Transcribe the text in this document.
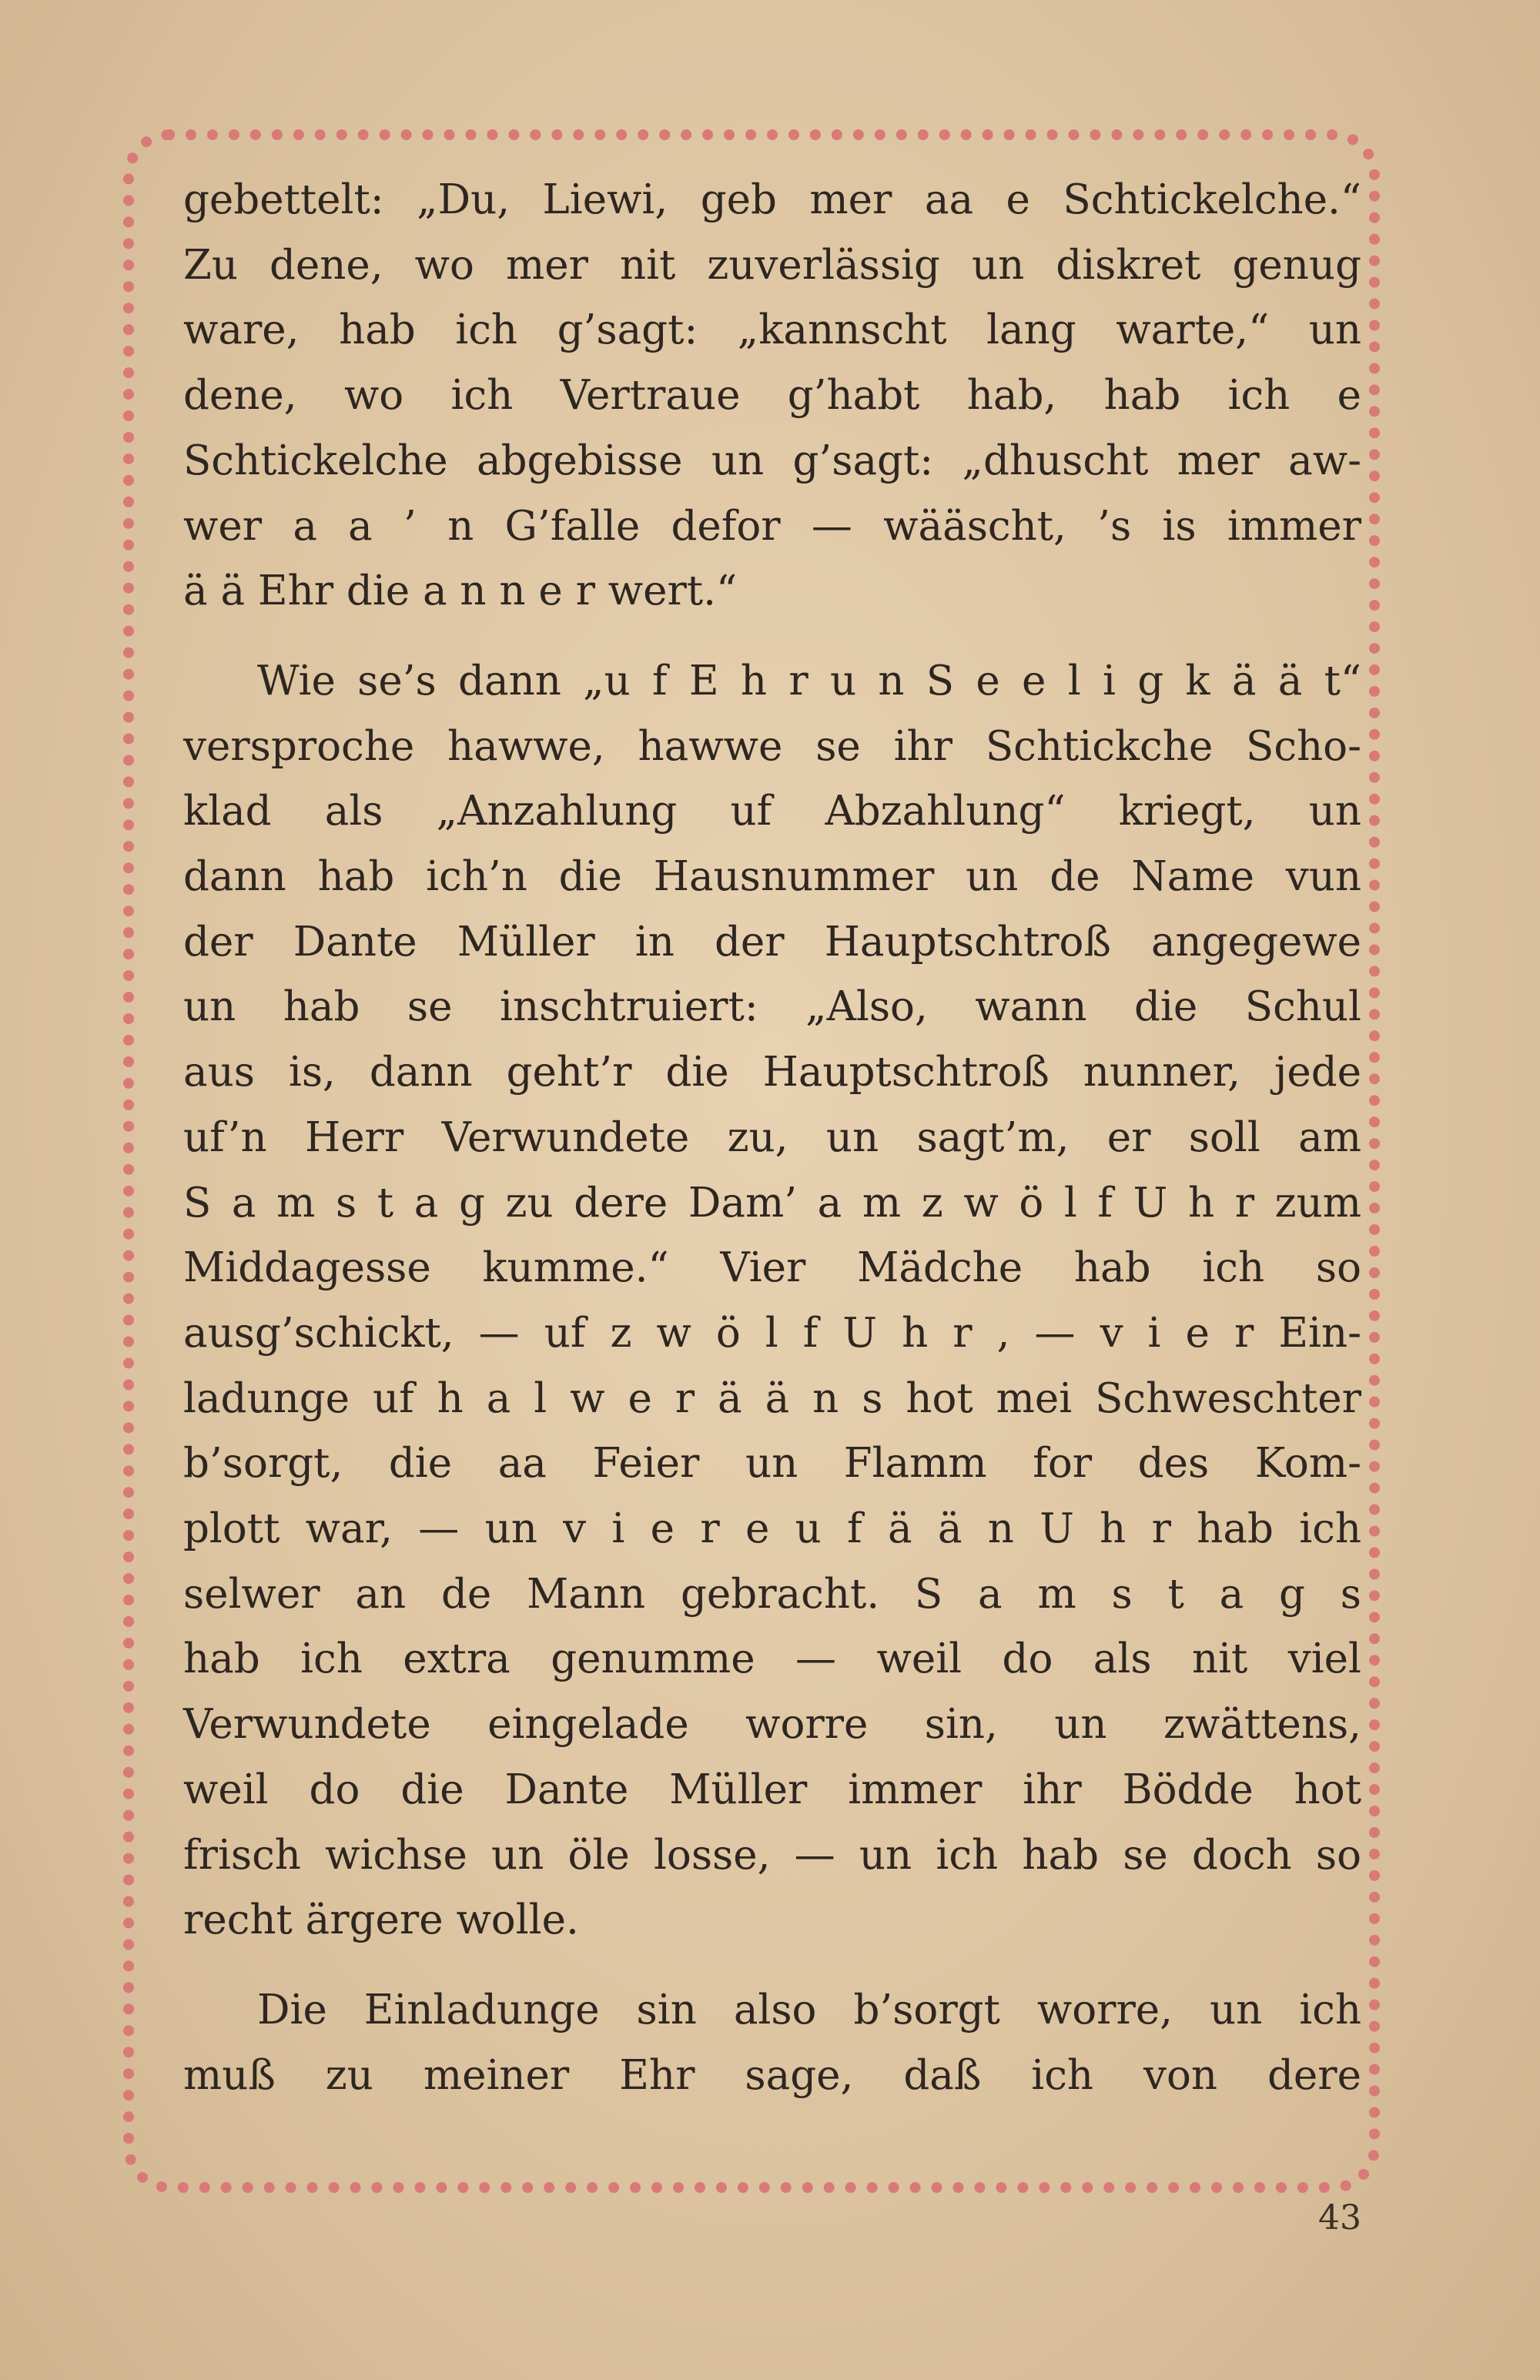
gebettelt: „Du, Liewi, geb mer aa e Schtickelche.“
Zu dene, wo mer nit zuverlässig un diskret genug
ware, hab ich g’sagt: „kannscht lang warte,“ un
dene, wo ich Vertraue g’habt hab, hab ich e
Schtickelche abgebisse un g’sagt: „dhuscht mer aw-
wer a a ’ n G’falle defor — wääscht, ’s is immer
ä ä Ehr die a n n e r wert.“

Wie se’s dann „u f E h r u n S e e l i g k ä ä t“
versproche hawwe, hawwe se ihr Schtickche Scho-
klad als „Anzahlung uf Abzahlung“ kriegt, un
dann hab ich’n die Hausnummer un de Name vun
der Dante Müller in der Hauptschtroß angegewe
un hab se inschtruiert: „Also, wann die Schul
aus is, dann geht’r die Hauptschtroß nunner, jede
uf’n Herr Verwundete zu, un sagt’m, er soll am
S a m s t a g zu dere Dam’ a m z w ö l f U h r zum
Middagesse kumme.“ Vier Mädche hab ich so
ausg’schickt, — uf z w ö l f U h r , — v i e r Ein-
ladunge uf h a l w e r ä ä n s hot mei Schweschter
b’sorgt, die aa Feier un Flamm for des Kom-
plott war, — un v i e r e u f ä ä n U h r hab ich
selwer an de Mann gebracht. S a m s t a g s
hab ich extra genumme — weil do als nit viel
Verwundete eingelade worre sin, un zwättens,
weil do die Dante Müller immer ihr Bödde hot
frisch wichse un öle losse, — un ich hab se doch so
recht ärgere wolle.

Die Einladunge sin also b’sorgt worre, un ich
muß zu meiner Ehr sage, daß ich von dere

43
